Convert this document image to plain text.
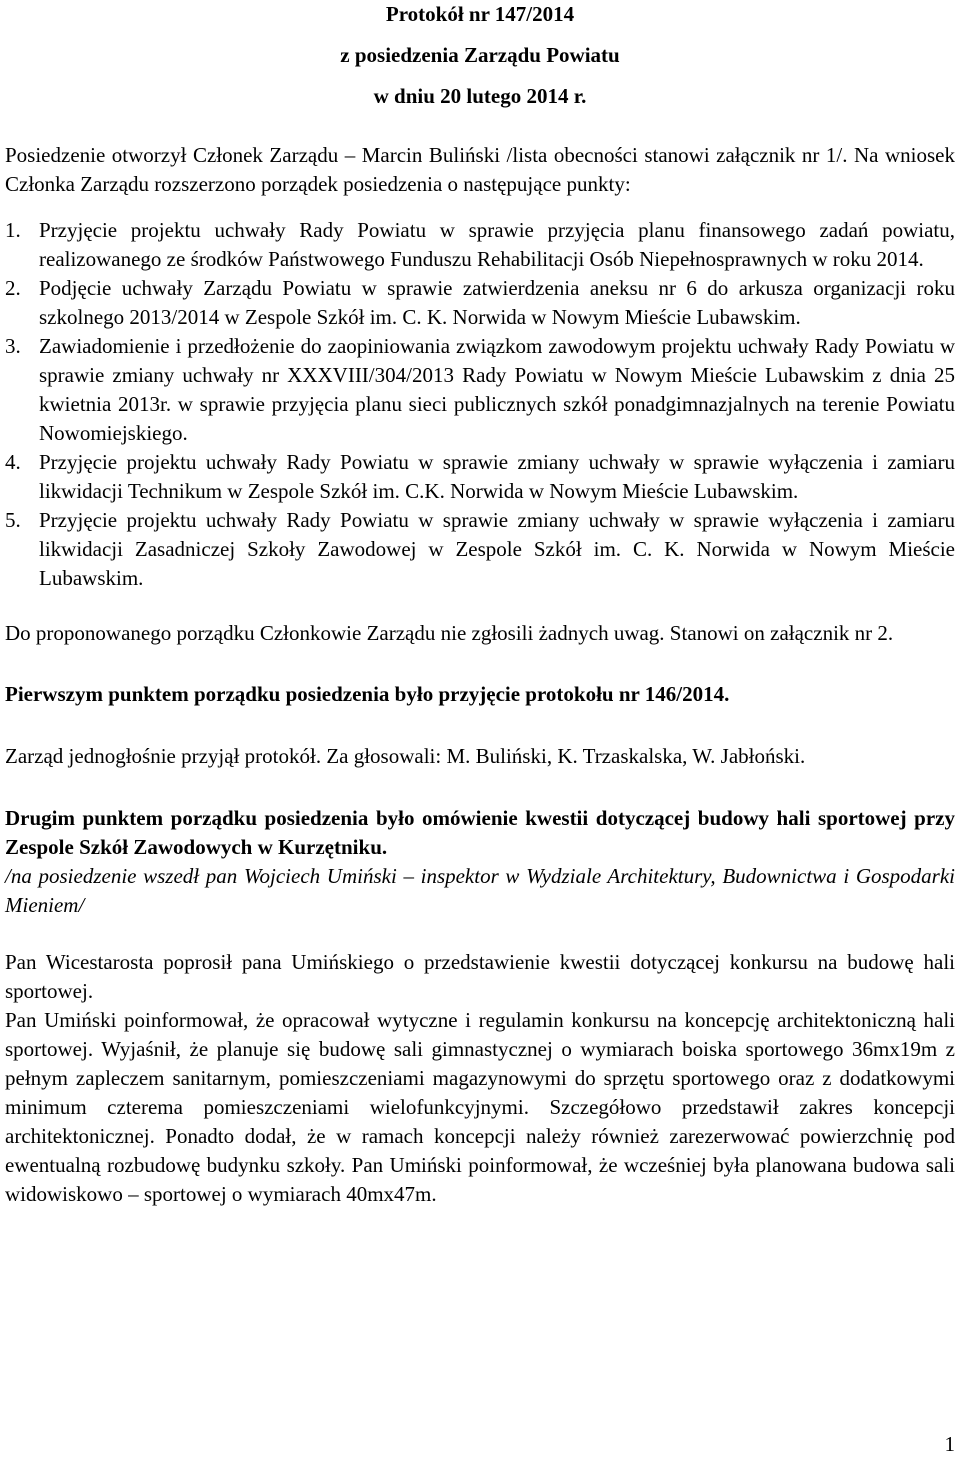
Protokół nr 147/2014
z posiedzenia Zarządu Powiatu
w dniu 20 lutego 2014 r.

Posiedzenie otworzył Członek Zarządu – Marcin Buliński /lista obecności stanowi załącznik nr 1/. Na wniosek Członka Zarządu rozszerzono porządek posiedzenia o następujące punkty:

1. Przyjęcie projektu uchwały Rady Powiatu w sprawie przyjęcia planu finansowego zadań powiatu, realizowanego ze środków Państwowego Funduszu Rehabilitacji Osób Niepełnosprawnych w roku 2014.
2. Podjęcie uchwały Zarządu Powiatu w sprawie zatwierdzenia aneksu nr 6 do arkusza organizacji roku szkolnego 2013/2014 w Zespole Szkół im. C. K. Norwida w Nowym Mieście Lubawskim.
3. Zawiadomienie i przedłożenie do zaopiniowania związkom zawodowym projektu uchwały Rady Powiatu w sprawie zmiany uchwały nr XXXVIII/304/2013 Rady Powiatu w Nowym Mieście Lubawskim z dnia 25 kwietnia 2013r. w sprawie przyjęcia planu sieci publicznych szkół ponadgimnazjalnych na terenie Powiatu Nowomiejskiego.
4. Przyjęcie projektu uchwały Rady Powiatu w sprawie zmiany uchwały w sprawie wyłączenia i zamiaru likwidacji Technikum w Zespole Szkół im. C.K. Norwida w Nowym Mieście Lubawskim.
5. Przyjęcie projektu uchwały Rady Powiatu w sprawie zmiany uchwały w sprawie wyłączenia i zamiaru likwidacji Zasadniczej Szkoły Zawodowej w Zespole Szkół im. C. K. Norwida w Nowym Mieście Lubawskim.

Do proponowanego porządku Członkowie Zarządu nie zgłosili żadnych uwag. Stanowi on załącznik nr 2.

Pierwszym punktem porządku posiedzenia było przyjęcie protokołu nr 146/2014.

Zarząd jednogłośnie przyjął protokół. Za głosowali: M. Buliński, K. Trzaskalska, W. Jabłoński.

Drugim punktem porządku posiedzenia było omówienie kwestii dotyczącej budowy hali sportowej przy Zespole Szkół Zawodowych w Kurzętniku.

/na posiedzenie wszedł pan Wojciech Umiński – inspektor w Wydziale Architektury, Budownictwa i Gospodarki Mieniem/

Pan Wicestarosta poprosił pana Umińskiego o przedstawienie kwestii dotyczącej konkursu na budowę hali sportowej.

Pan Umiński poinformował, że opracował wytyczne i regulamin konkursu na koncepcję architektoniczną hali sportowej. Wyjaśnił, że planuje się budowę sali gimnastycznej o wymiarach boiska sportowego 36mx19m z pełnym zapleczem sanitarnym, pomieszczeniami magazynowymi do sprzętu sportowego oraz z dodatkowymi minimum czterema pomieszczeniami wielofunkcyjnymi. Szczegółowo przedstawił zakres koncepcji architektonicznej. Ponadto dodał, że w ramach koncepcji należy również zarezerwować powierzchnię pod ewentualną rozbudowę budynku szkoły. Pan Umiński poinformował, że wcześniej była planowana budowa sali widowiskowo – sportowej o wymiarach 40mx47m.

1
